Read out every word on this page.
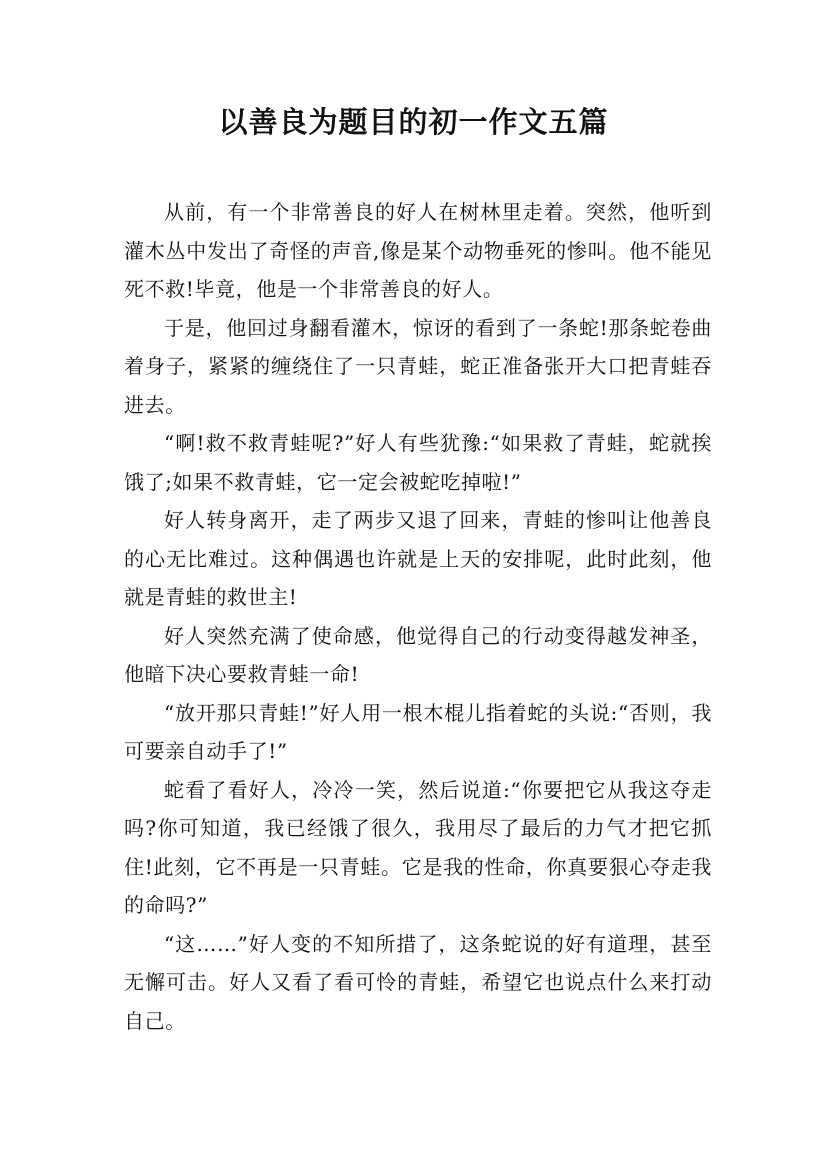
以善良为题目的初一作文五篇

从前，有一个非常善良的好人在树林里走着。突然，他听到灌木丛中发出了奇怪的声音,像是某个动物垂死的惨叫。他不能见死不救!毕竟，他是一个非常善良的好人。

于是，他回过身翻看灌木，惊讶的看到了一条蛇!那条蛇卷曲着身子，紧紧的缠绕住了一只青蛙，蛇正准备张开大口把青蛙吞进去。

“啊!救不救青蛙呢?”好人有些犹豫:“如果救了青蛙，蛇就挨饿了;如果不救青蛙，它一定会被蛇吃掉啦!”

好人转身离开，走了两步又退了回来，青蛙的惨叫让他善良的心无比难过。这种偶遇也许就是上天的安排呢，此时此刻，他就是青蛙的救世主!

好人突然充满了使命感，他觉得自己的行动变得越发神圣，他暗下决心要救青蛙一命!

“放开那只青蛙!”好人用一根木棍儿指着蛇的头说:“否则，我可要亲自动手了!”

蛇看了看好人，冷冷一笑，然后说道:“你要把它从我这夺走吗?你可知道，我已经饿了很久，我用尽了最后的力气才把它抓住!此刻，它不再是一只青蛙。它是我的性命，你真要狠心夺走我的命吗?”

“这……”好人变的不知所措了，这条蛇说的好有道理，甚至无懈可击。好人又看了看可怜的青蛙，希望它也说点什么来打动自己。
